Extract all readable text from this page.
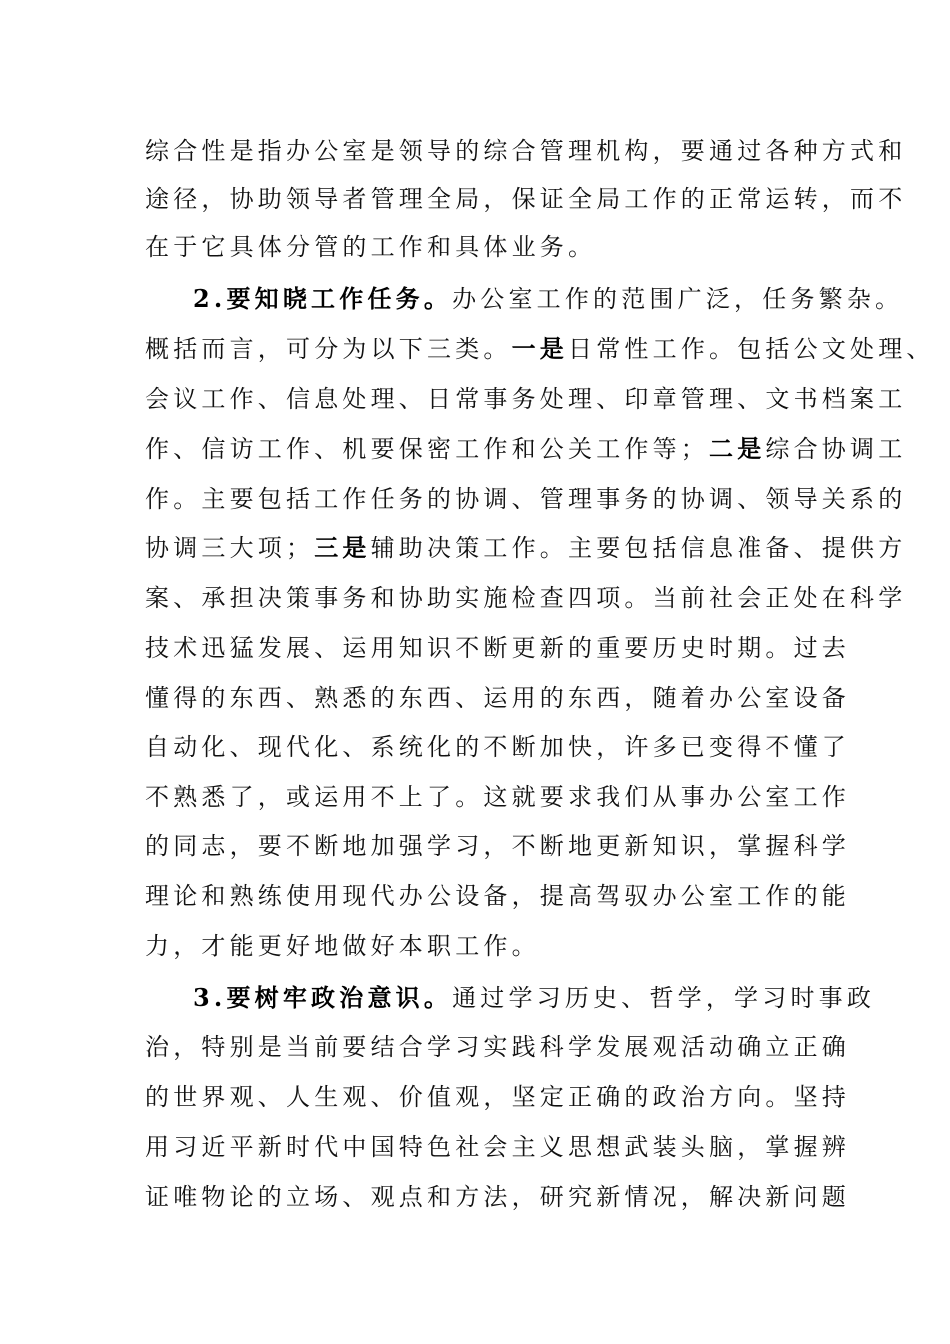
综合性是指办公室是领导的综合管理机构，要通过各种方式和
途径，协助领导者管理全局，保证全局工作的正常运转，而不
在于它具体分管的工作和具体业务。
2.要知晓工作任务。办公室工作的范围广泛，任务繁杂。
概括而言，可分为以下三类。一是日常性工作。包括公文处理、
会议工作、信息处理、日常事务处理、印章管理、文书档案工
作、信访工作、机要保密工作和公关工作等；二是综合协调工
作。主要包括工作任务的协调、管理事务的协调、领导关系的
协调三大项；三是辅助决策工作。主要包括信息准备、提供方
案、承担决策事务和协助实施检查四项。当前社会正处在科学
技术迅猛发展、运用知识不断更新的重要历史时期。过去
懂得的东西、熟悉的东西、运用的东西，随着办公室设备
自动化、现代化、系统化的不断加快，许多已变得不懂了
不熟悉了，或运用不上了。这就要求我们从事办公室工作
的同志，要不断地加强学习，不断地更新知识，掌握科学
理论和熟练使用现代办公设备，提高驾驭办公室工作的能
力，才能更好地做好本职工作。
3.要树牢政治意识。通过学习历史、哲学，学习时事政
治，特别是当前要结合学习实践科学发展观活动确立正确
的世界观、人生观、价值观，坚定正确的政治方向。坚持
用习近平新时代中国特色社会主义思想武装头脑，掌握辨
证唯物论的立场、观点和方法，研究新情况，解决新问题
